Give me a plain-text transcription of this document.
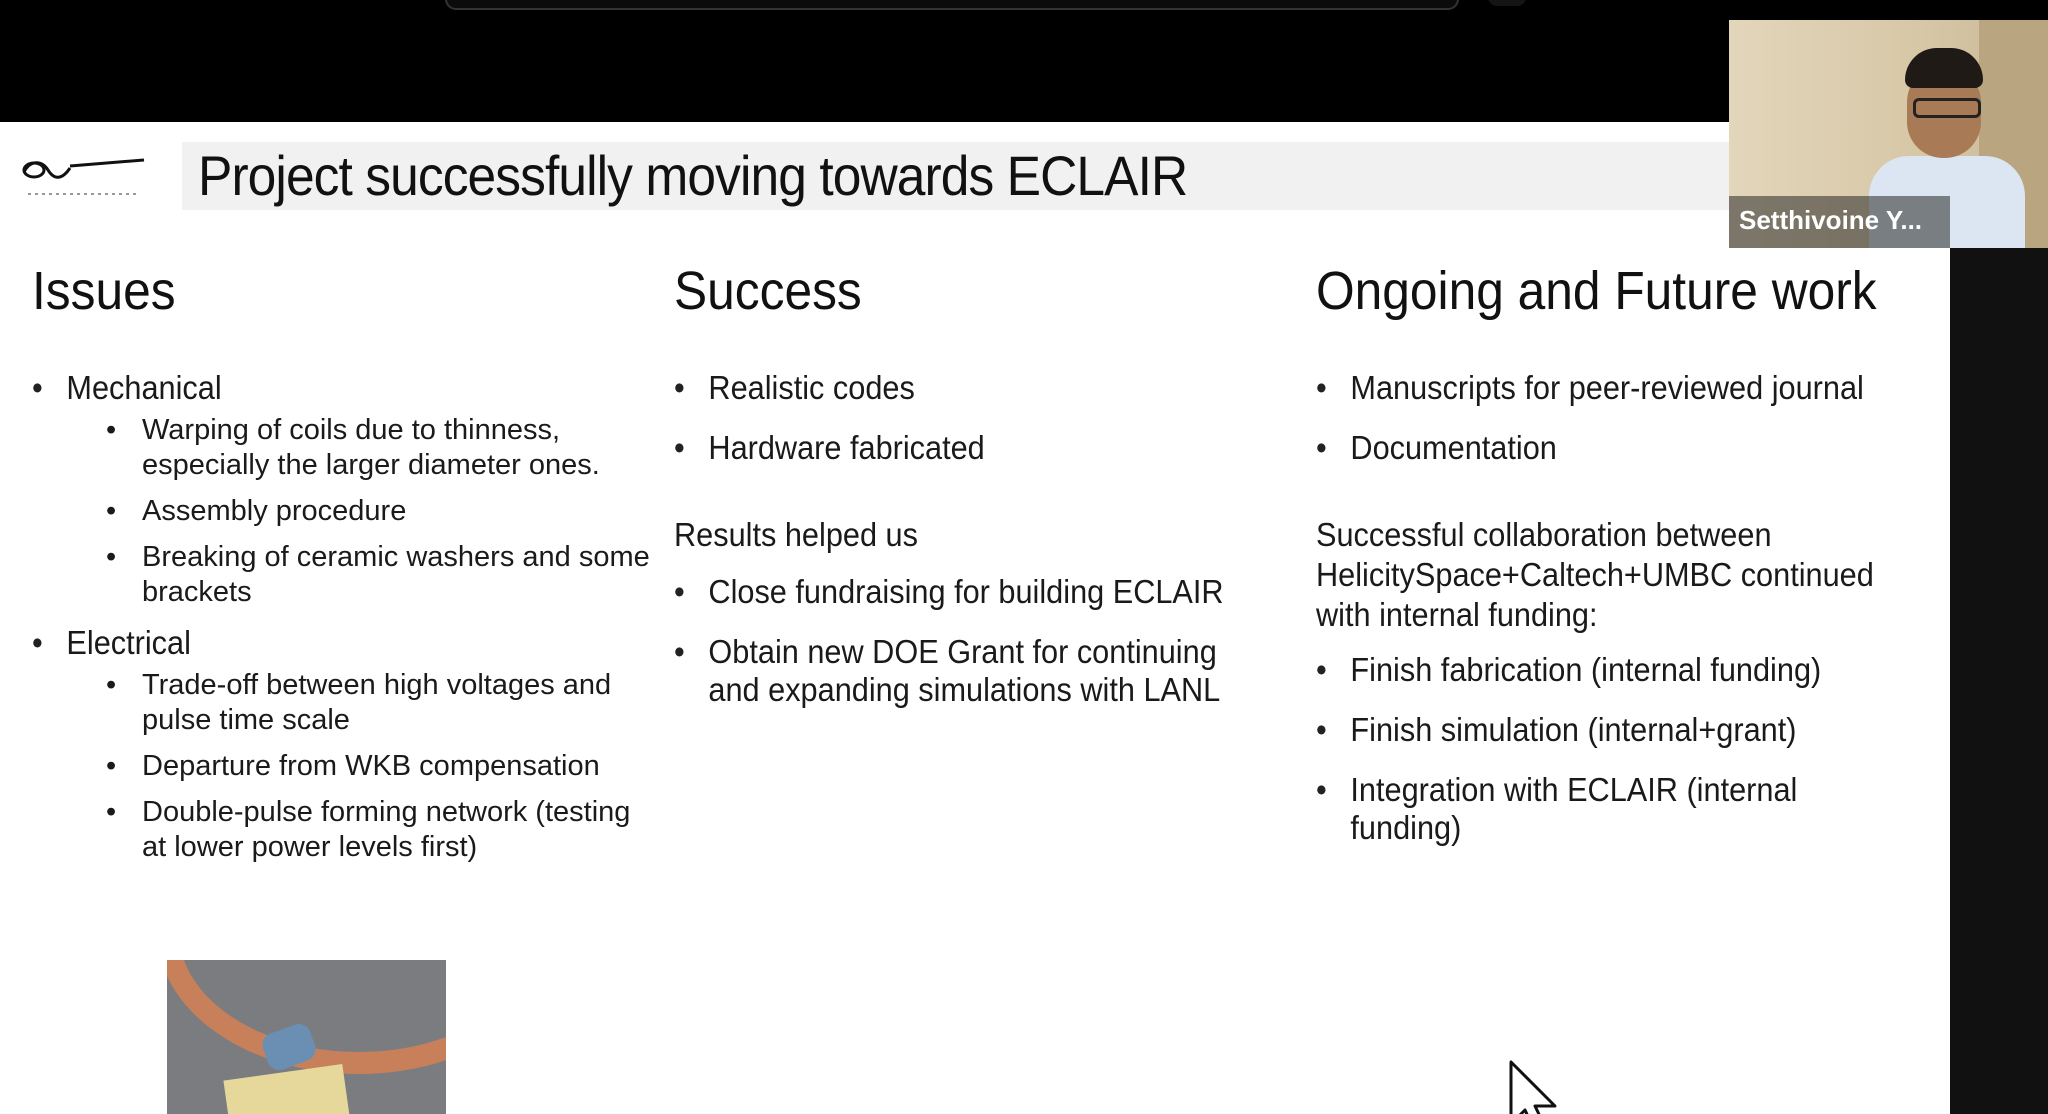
Project successfully moving towards ECLAIR
Issues
• Mechanical
• Warping of coils due to thinness, especially the larger diameter ones.
• Assembly procedure
• Breaking of ceramic washers and some brackets
• Electrical
• Trade-off between high voltages and pulse time scale
• Departure from WKB compensation
• Double-pulse forming network (testing at lower power levels first)
Success
• Realistic codes
• Hardware fabricated
Results helped us
• Close fundraising for building ECLAIR
• Obtain new DOE Grant for continuing and expanding simulations with LANL
Ongoing and Future work
• Manuscripts for peer-reviewed journal
• Documentation
Successful collaboration between HelicitySpace+Caltech+UMBC continued with internal funding:
• Finish fabrication (internal funding)
• Finish simulation (internal+grant)
• Integration with ECLAIR (internal funding)
Setthivoine Y...
